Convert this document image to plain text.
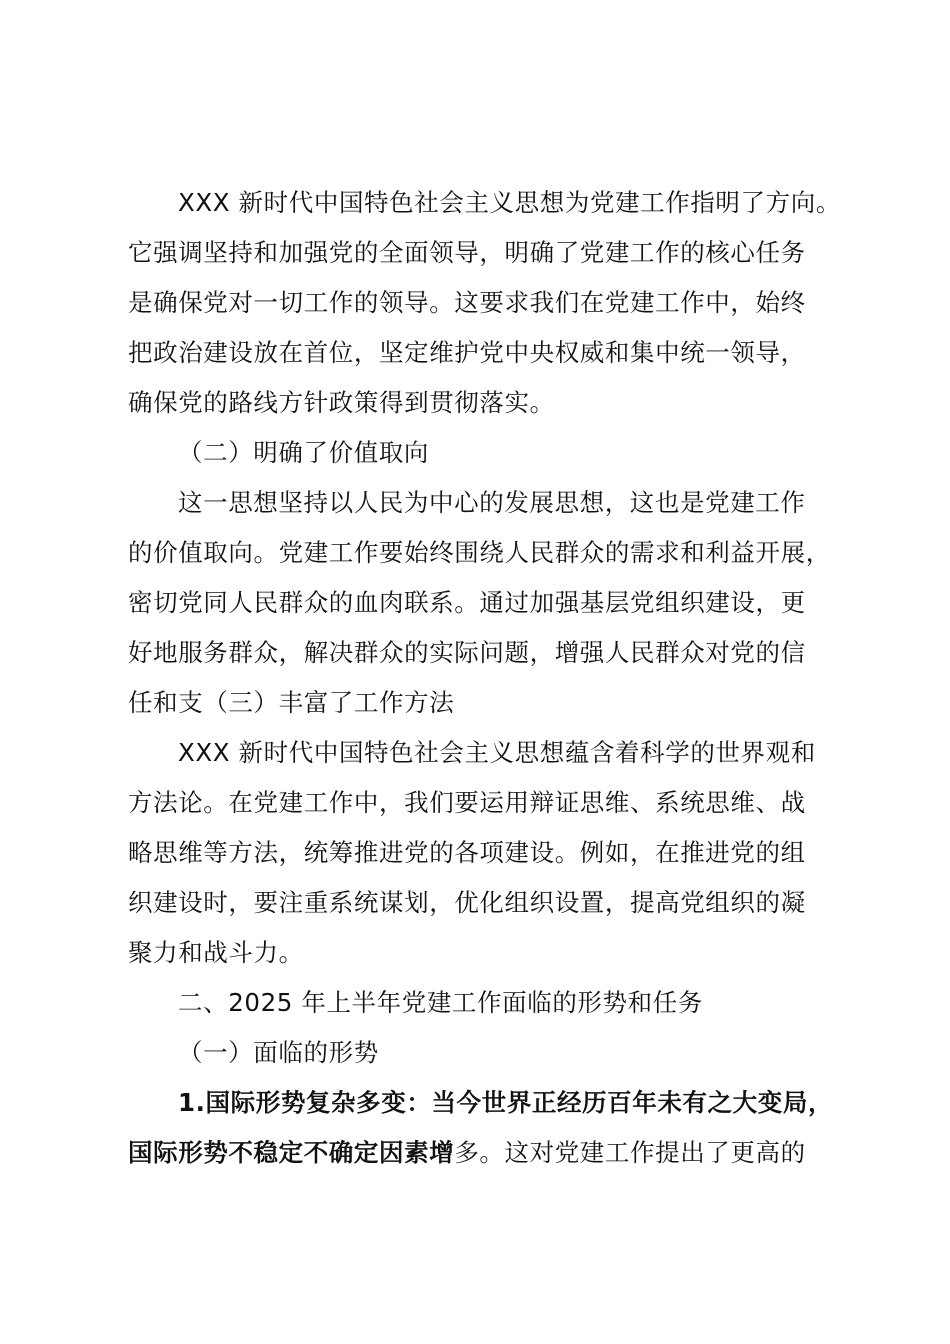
XXX 新时代中国特色社会主义思想为党建工作指明了方向。
它强调坚持和加强党的全面领导，明确了党建工作的核心任务
是确保党对一切工作的领导。这要求我们在党建工作中，始终
把政治建设放在首位，坚定维护党中央权威和集中统一领导，
确保党的路线方针政策得到贯彻落实。
（二）明确了价值取向
这一思想坚持以人民为中心的发展思想，这也是党建工作
的价值取向。党建工作要始终围绕人民群众的需求和利益开展，
密切党同人民群众的血肉联系。通过加强基层党组织建设，更
好地服务群众，解决群众的实际问题，增强人民群众对党的信
任和支（三）丰富了工作方法
XXX 新时代中国特色社会主义思想蕴含着科学的世界观和
方法论。在党建工作中，我们要运用辩证思维、系统思维、战
略思维等方法，统筹推进党的各项建设。例如，在推进党的组
织建设时，要注重系统谋划，优化组织设置，提高党组织的凝
聚力和战斗力。
二、2025 年上半年党建工作面临的形势和任务
（一）面临的形势
1.国际形势复杂多变：当今世界正经历百年未有之大变局，
国际形势不稳定不确定因素增多。这对党建工作提出了更高的
